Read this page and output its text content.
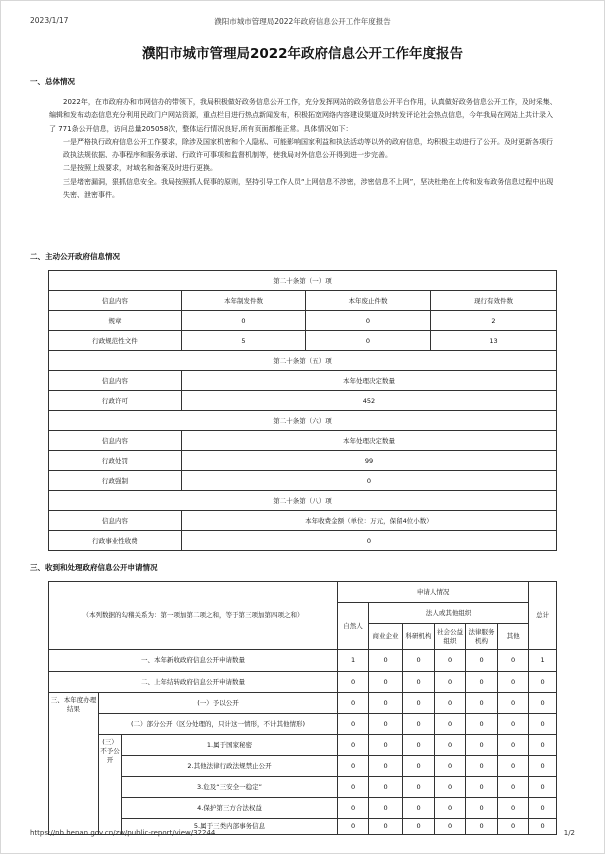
2023/1/17	濮阳市城市管理局2022年政府信息公开工作年度报告
濮阳市城市管理局2022年政府信息公开工作年度报告
一、总体情况

2022年，在市政府办和市网信办的带领下，我局积极做好政务信息公开工作，充分发挥网站的政务信息公开平台作用，认真做好政务信息公开工作，及时采集、编辑和发布动态信息充分利用民政门户网站资源，重点栏目进行热点新闻发布，积极拓宽网络内容建设渠道及时转发评论社会热点信息，今年我局在网站上共计录入了 771条公开信息，访问总量205058次，整体运行情况良好,所有页面都能正常。具体情况如下：

一是严格执行政府信息公开工作要求，除涉及国家机密和个人隐私、可能影响国家利益和执法活动等以外的政府信息，均积极主动进行了公开。及时更新各项行政执法规依据、办事程序和服务承诺、行政许可事项和监督机制等，使我局对外信息公开得到进一步完善。

二是按照上级要求，对域名和备案及时进行更换。

三是堵密漏洞，狠抓信息安全。我局按照抓人促事的原则，坚持引导工作人员“上网信息不涉密，涉密信息不上网”，坚决杜绝在上传和发布政务信息过程中出现失密、泄密事件。

二、主动公开政府信息情况
第二十条第（一）项			
信息内容	本年制发件数	本年废止件数	现行有效件数
规章	0	0	2
行政规范性文件	5	0	13
第二十条第（五）项			
信息内容	本年处理决定数量		
行政许可	452		
第二十条第（六）项			
信息内容	本年处理决定数量		
行政处罚	99		
行政强制	0		
第二十条第（八）项			
信息内容	本年收费金额（单位：万元，保留4位小数）		
行政事业性收费	0		
三、收到和处理政府信息公开申请情况
（本列数据的勾稽关系为：第一项加第二项之和，等于第三项加第四项之和）			申请人情况						总计
			自然人	法人或其他组织					
				商业企业	科研机构	社会公益组织	法律服务机构	其他	
一、本年新收政府信息公开申请数量			1	0	0	0	0	0	1
二、上年结转政府信息公开申请数量			0	0	0	0	0	0	0
三、本年度办理结果	(一）予以公开		0	0	0	0	0	0	0
	(二）部分公开（区分处理的，只计这一情形，不计其他情形)		0	0	0	0	0	0	0
	(三）不予公开	1.属于国家秘密	0	0	0	0	0	0	0
		2.其他法律行政法规禁止公开	0	0	0	0	0	0	0
		3.危及“三安全一稳定”	0	0	0	0	0	0	0
		4.保护第三方合法权益	0	0	0	0	0	0	0
		5.属于三类内部事务信息	0	0	0	0	0	0	0
https://nb.henan.gov.cn/zw/public-report/view/32244	1/2
